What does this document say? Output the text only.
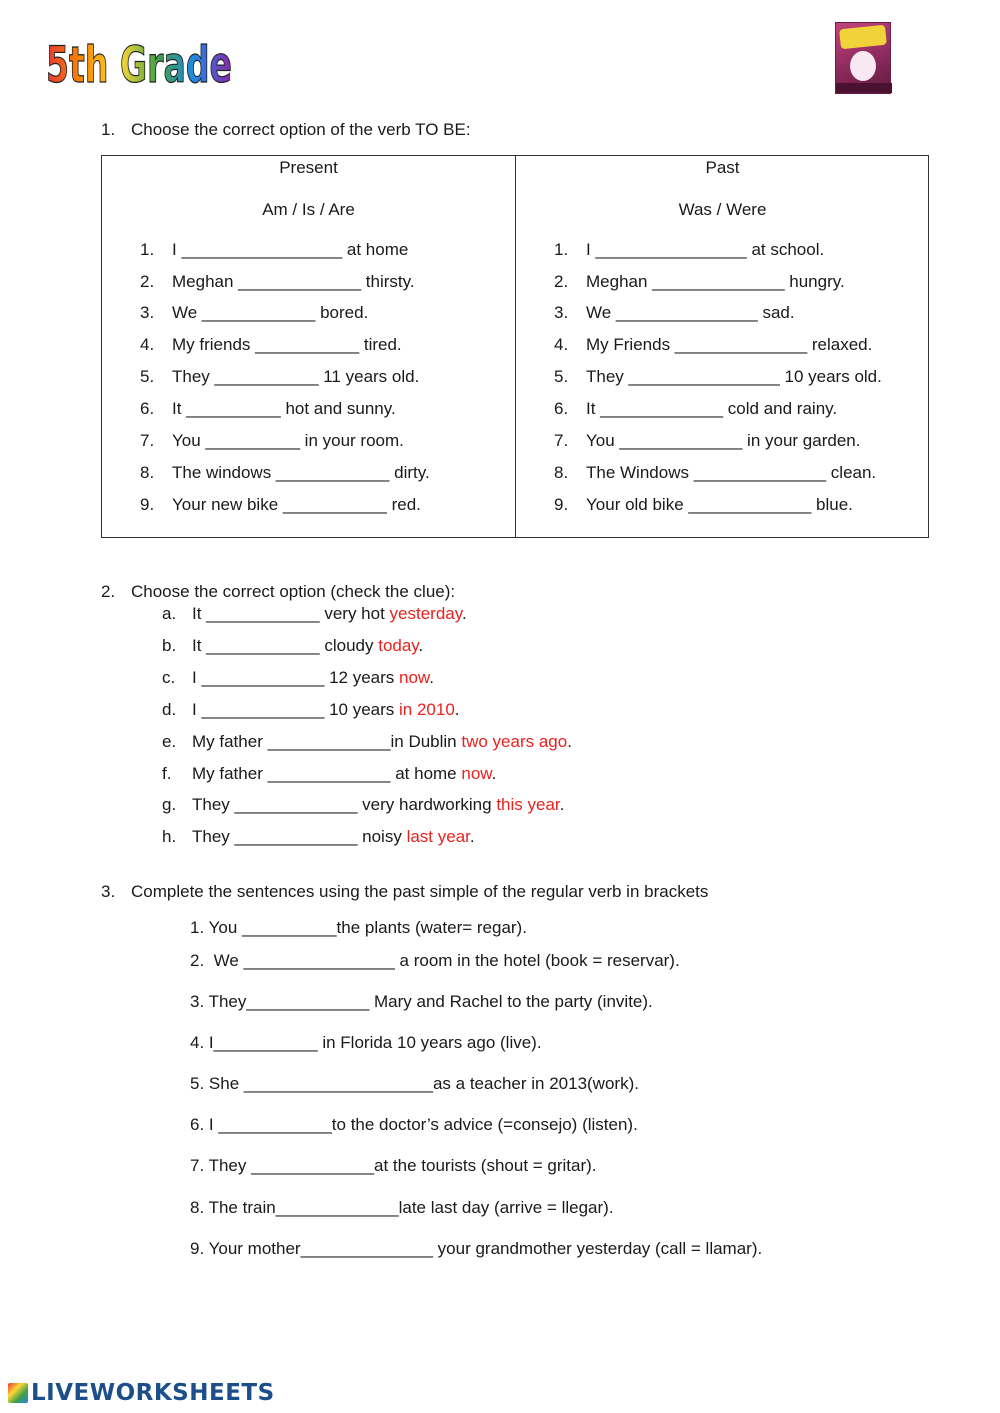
5th Grade
1. Choose the correct option of the verb TO BE:
Present
Am / Is / Are
1. I _________________ at home
2. Meghan _____________ thirsty.
3. We ____________ bored.
4. My friends ___________ tired.
5. They ___________ 11 years old.
6. It __________ hot and sunny.
7. You __________ in your room.
8. The windows ____________ dirty.
9. Your new bike ___________ red.
Past
Was / Were
1. I ________________ at school.
2. Meghan ______________ hungry.
3. We _______________ sad.
4. My Friends ______________ relaxed.
5. They ________________ 10 years old.
6. It _____________ cold and rainy.
7. You _____________ in your garden.
8. The Windows ______________ clean.
9. Your old bike _____________ blue.
2. Choose the correct option (check the clue):
a. It ____________ very hot yesterday.
b. It ____________ cloudy today.
c. I _____________ 12 years now.
d. I _____________ 10 years in 2010.
e. My father _____________in Dublin two years ago.
f. My father _____________ at home now.
g. They _____________ very hardworking this year.
h. They _____________ noisy last year.
3. Complete the sentences using the past simple of the regular verb in brackets
1. You __________the plants (water= regar).
2.  We ________________ a room in the hotel (book = reservar).
3. They_____________ Mary and Rachel to the party (invite).
4. I___________ in Florida 10 years ago (live).
5. She ____________________as a teacher in 2013(work).
6. I ____________to the doctor’s advice (=consejo) (listen).
7. They _____________at the tourists (shout = gritar).
8. The train_____________late last day (arrive = llegar).
9. Your mother______________ your grandmother yesterday (call = llamar).
LIVEWORKSHEETS
